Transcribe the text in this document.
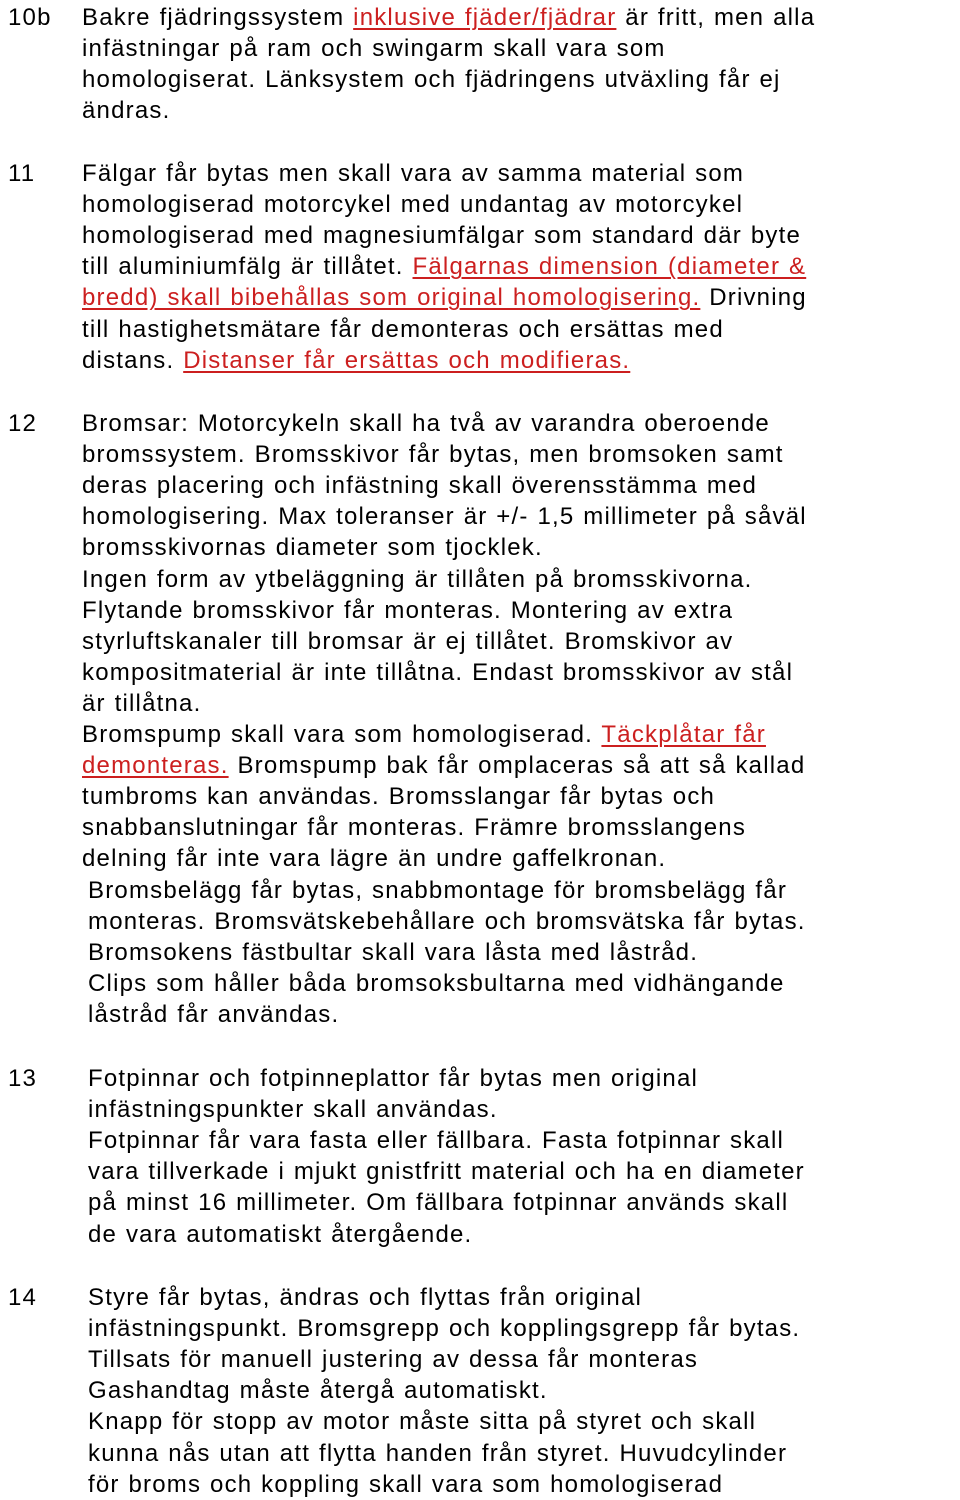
10b Bakre fjädringssystem inklusive fjäder/fjädrar är fritt, men alla
infästningar på ram och swingarm skall vara som
homologiserat. Länksystem och fjädringens utväxling får ej
ändras.
11 Fälgar får bytas men skall vara av samma material som
homologiserad motorcykel med undantag av motorcykel
homologiserad med magnesiumfälgar som standard där byte
till aluminiumfälg är tillåtet. Fälgarnas dimension (diameter &
bredd) skall bibehållas som original homologisering. Drivning
till hastighetsmätare får demonteras och ersättas med
distans. Distanser får ersättas och modifieras.
12 Bromsar: Motorcykeln skall ha två av varandra oberoende
bromssystem. Bromsskivor får bytas, men bromsoken samt
deras placering och infästning skall överensstämma med
homologisering. Max toleranser är +/- 1,5 millimeter på såväl
bromsskivornas diameter som tjocklek.
Ingen form av ytbeläggning är tillåten på bromsskivorna.
Flytande bromsskivor får monteras. Montering av extra
styrluftskanaler till bromsar är ej tillåtet. Bromskivor av
kompositmaterial är inte tillåtna. Endast bromsskivor av stål
är tillåtna.
Bromspump skall vara som homologiserad. Täckplåtar får
demonteras. Bromspump bak får omplaceras så att så kallad
tumbroms kan användas. Bromsslangar får bytas och
snabbanslutningar får monteras. Främre bromsslangens
delning får inte vara lägre än undre gaffelkronan.
Bromsbelägg får bytas, snabbmontage för bromsbelägg får
monteras. Bromsvätskebehållare och bromsvätska får bytas.
Bromsokens fästbultar skall vara låsta med låstråd.
Clips som håller båda bromsoksbultarna med vidhängande
låstråd får användas.
13 Fotpinnar och fotpinneplattor får bytas men original
infästningspunkter skall användas.
Fotpinnar får vara fasta eller fällbara. Fasta fotpinnar skall
vara tillverkade i mjukt gnistfritt material och ha en diameter
på minst 16 millimeter. Om fällbara fotpinnar används skall
de vara automatiskt återgående.
14 Styre får bytas, ändras och flyttas från original
infästningspunkt. Bromsgrepp och kopplingsgrepp får bytas.
Tillsats för manuell justering av dessa får monteras
Gashandtag måste återgå automatiskt.
Knapp för stopp av motor måste sitta på styret och skall
kunna nås utan att flytta handen från styret. Huvudcylinder
för broms och koppling skall vara som homologiserad
